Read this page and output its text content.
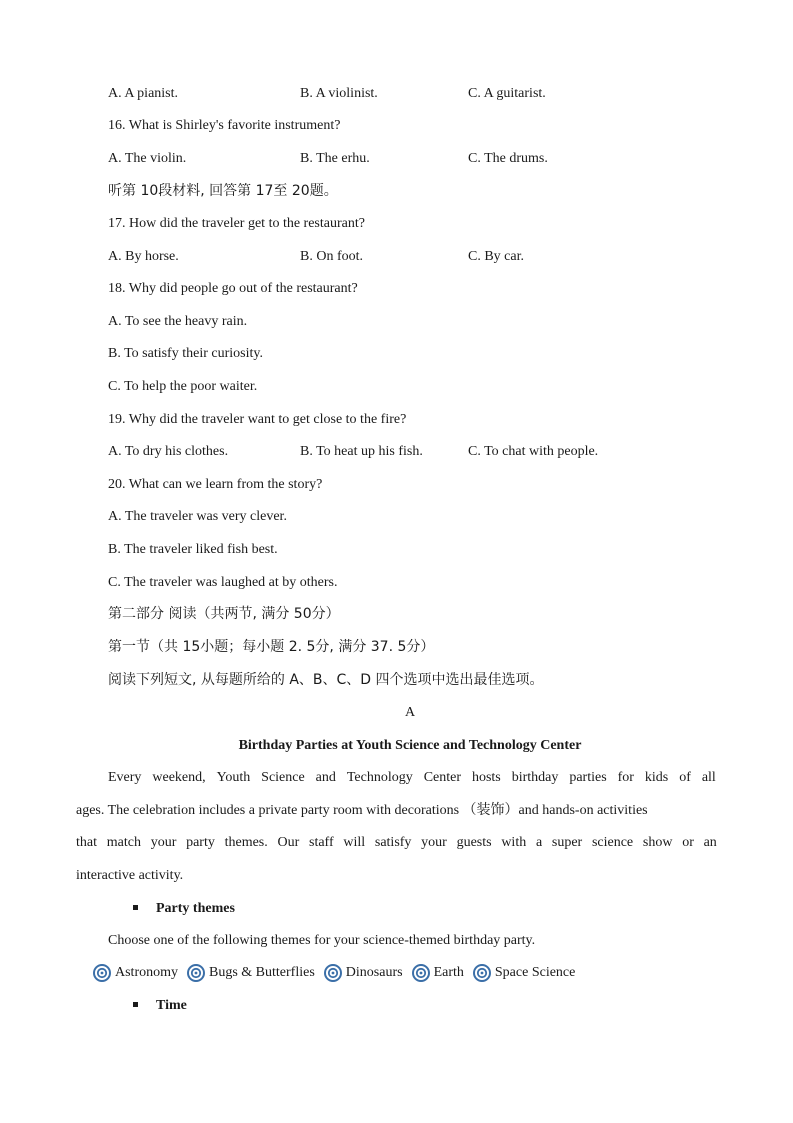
A. A pianist.	B. A violinist.	C. A guitarist.
16. What is Shirley's favorite instrument?
A. The violin.	B. The erhu.	C. The drums.
听第 10段材料, 回答第 17至 20题。
17. How did the traveler get to the restaurant?
A. By horse.	B. On foot.	C. By car.
18. Why did people go out of the restaurant?
A. To see the heavy rain.
B. To satisfy their curiosity.
C. To help the poor waiter.
19. Why did the traveler want to get close to the fire?
A. To dry his clothes.	B. To heat up his fish.	C. To chat with people.
20. What can we learn from the story?
A. The traveler was very clever.
B. The traveler liked fish best.
C. The traveler was laughed at by others.
第二部分 阅读（共两节, 满分 50分）
第一节（共 15小题；每小题 2. 5分, 满分 37. 5分）
阅读下列短文, 从每题所给的 A、B、C、D 四个选项中选出最佳选项。
A
Birthday Parties at Youth Science and Technology Center
Every weekend, Youth Science and Technology Center hosts birthday parties for kids of all
ages. The celebration includes a private party room with decorations （装饰）and hands-on activities
that match your party themes. Our staff will satisfy your guests with a super science show or an
interactive activity.
Party themes
Choose one of the following themes for your science-themed birthday party.
Astronomy Bugs & Butterflies Dinosaurs Earth Space Science
Time
